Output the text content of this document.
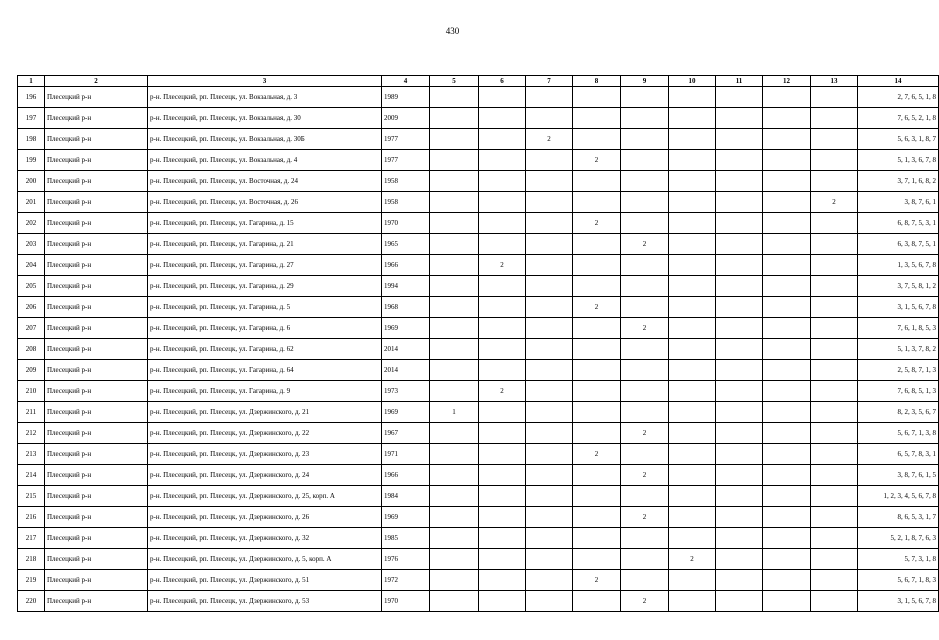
430
1	2	3	4	5	6	7	8	9	10	11	12	13	14
196	Плесецкий р-н	р-н. Плесецкий, рп. Плесецк, ул. Вокзальная, д. 3	1989										2, 7, 6, 5, 1, 8
197	Плесецкий р-н	р-н. Плесецкий, рп. Плесецк, ул. Вокзальная, д. 30	2009										7, 6, 5, 2, 1, 8
198	Плесецкий р-н	р-н. Плесецкий, рп. Плесецк, ул. Вокзальная, д. 30Б	1977			2							5, 6, 3, 1, 8, 7
199	Плесецкий р-н	р-н. Плесецкий, рп. Плесецк, ул. Вокзальная, д. 4	1977				2						5, 1, 3, 6, 7, 8
200	Плесецкий р-н	р-н. Плесецкий, рп. Плесецк, ул. Восточная, д. 24	1958										3, 7, 1, 6, 8, 2
201	Плесецкий р-н	р-н. Плесецкий, рп. Плесецк, ул. Восточная, д. 26	1958									2	3, 8, 7, 6, 1
202	Плесецкий р-н	р-н. Плесецкий, рп. Плесецк, ул. Гагарина, д. 15	1970				2						6, 8, 7, 5, 3, 1
203	Плесецкий р-н	р-н. Плесецкий, рп. Плесецк, ул. Гагарина, д. 21	1965					2					6, 3, 8, 7, 5, 1
204	Плесецкий р-н	р-н. Плесецкий, рп. Плесецк, ул. Гагарина, д. 27	1966		2								1, 3, 5, 6, 7, 8
205	Плесецкий р-н	р-н. Плесецкий, рп. Плесецк, ул. Гагарина, д. 29	1994										3, 7, 5, 8, 1, 2
206	Плесецкий р-н	р-н. Плесецкий, рп. Плесецк, ул. Гагарина, д. 5	1968				2						3, 1, 5, 6, 7, 8
207	Плесецкий р-н	р-н. Плесецкий, рп. Плесецк, ул. Гагарина, д. 6	1969					2					7, 6, 1, 8, 5, 3
208	Плесецкий р-н	р-н. Плесецкий, рп. Плесецк, ул. Гагарина, д. 62	2014										5, 1, 3, 7, 8, 2
209	Плесецкий р-н	р-н. Плесецкий, рп. Плесецк, ул. Гагарина, д. 64	2014										2, 5, 8, 7, 1, 3
210	Плесецкий р-н	р-н. Плесецкий, рп. Плесецк, ул. Гагарина, д. 9	1973		2								7, 6, 8, 5, 1, 3
211	Плесецкий р-н	р-н. Плесецкий, рп. Плесецк, ул. Дзержинского, д. 21	1969	1									8, 2, 3, 5, 6, 7
212	Плесецкий р-н	р-н. Плесецкий, рп. Плесецк, ул. Дзержинского, д. 22	1967					2					5, 6, 7, 1, 3, 8
213	Плесецкий р-н	р-н. Плесецкий, рп. Плесецк, ул. Дзержинского, д. 23	1971				2						6, 5, 7, 8, 3, 1
214	Плесецкий р-н	р-н. Плесецкий, рп. Плесецк, ул. Дзержинского, д. 24	1966					2					3, 8, 7, 6, 1, 5
215	Плесецкий р-н	р-н. Плесецкий, рп. Плесецк, ул. Дзержинского, д. 25, корп. А	1984										1, 2, 3, 4, 5, 6, 7, 8
216	Плесецкий р-н	р-н. Плесецкий, рп. Плесецк, ул. Дзержинского, д. 26	1969					2					8, 6, 5, 3, 1, 7
217	Плесецкий р-н	р-н. Плесецкий, рп. Плесецк, ул. Дзержинского, д. 32	1985										5, 2, 1, 8, 7, 6, 3
218	Плесецкий р-н	р-н. Плесецкий, рп. Плесецк, ул. Дзержинского, д. 5, корп. А	1976						2				5, 7, 3, 1, 8
219	Плесецкий р-н	р-н. Плесецкий, рп. Плесецк, ул. Дзержинского, д. 51	1972				2						5, 6, 7, 1, 8, 3
220	Плесецкий р-н	р-н. Плесецкий, рп. Плесецк, ул. Дзержинского, д. 53	1970					2					3, 1, 5, 6, 7, 8
